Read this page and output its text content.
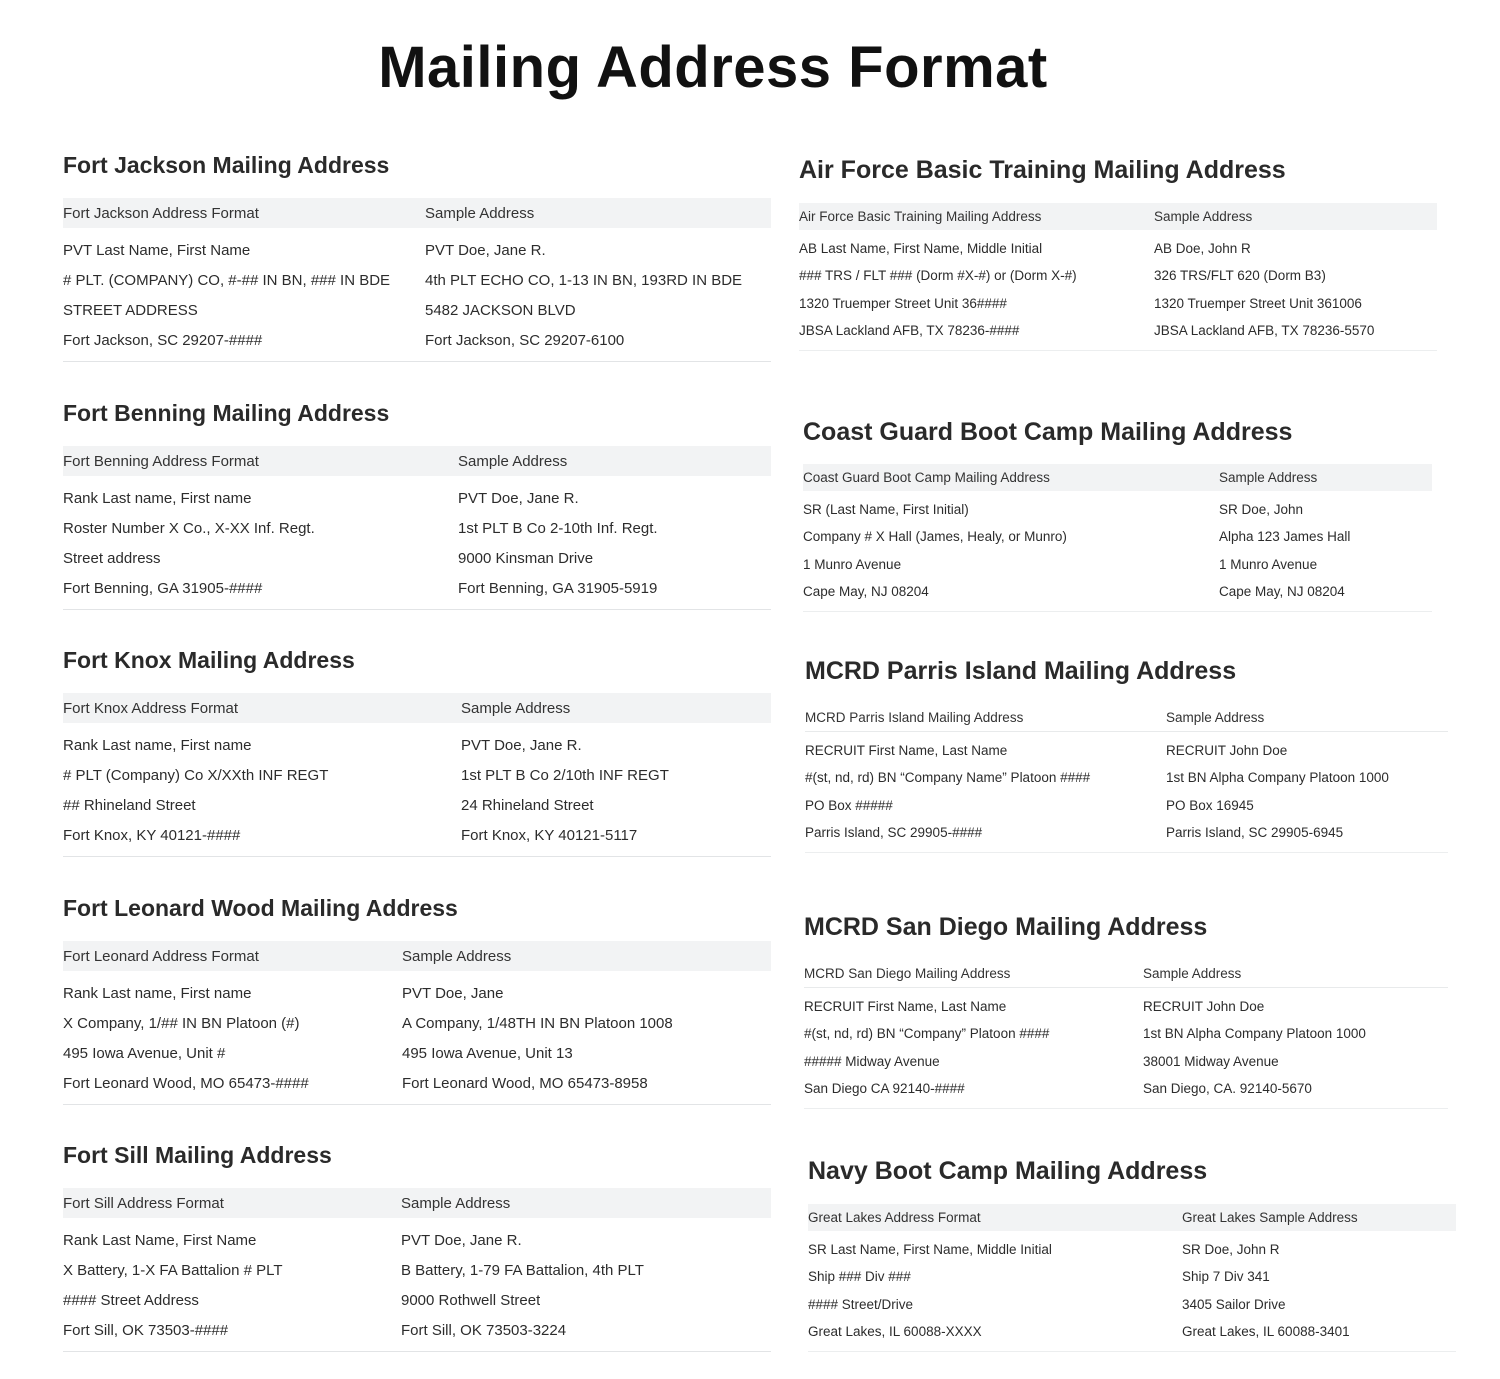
Mailing Address Format
Fort Jackson Mailing Address
Fort Jackson Address Format	Sample Address
PVT Last Name, First Name	PVT Doe, Jane R.
# PLT. (COMPANY) CO, #-## IN BN, ### IN BDE	4th PLT ECHO CO, 1-13 IN BN, 193RD IN BDE
STREET ADDRESS	5482 JACKSON BLVD
Fort Jackson, SC 29207-####	Fort Jackson, SC 29207-6100
Fort Benning Mailing Address
Fort Benning Address Format	Sample Address
Rank Last name, First name	PVT Doe, Jane R.
Roster Number X Co., X-XX Inf. Regt.	1st PLT B Co 2-10th Inf. Regt.
Street address	9000 Kinsman Drive
Fort Benning, GA 31905-####	Fort Benning, GA 31905-5919
Fort Knox Mailing Address
Fort Knox Address Format	Sample Address
Rank Last name, First name	PVT Doe, Jane R.
# PLT (Company) Co X/XXth INF REGT	1st PLT B Co 2/10th INF REGT
## Rhineland Street	24 Rhineland Street
Fort Knox, KY 40121-####	Fort Knox, KY 40121-5117
Fort Leonard Wood Mailing Address
Fort Leonard Address Format	Sample Address
Rank Last name, First name	PVT Doe, Jane
X Company, 1/## IN BN Platoon (#)	A Company, 1/48TH IN BN Platoon 1008
495 Iowa Avenue, Unit #	495 Iowa Avenue, Unit 13
Fort Leonard Wood, MO 65473-####	Fort Leonard Wood, MO 65473-8958
Fort Sill Mailing Address
Fort Sill Address Format	Sample Address
Rank Last Name, First Name	PVT Doe, Jane R.
X Battery, 1-X FA Battalion # PLT	B Battery, 1-79 FA Battalion, 4th PLT
#### Street Address	9000 Rothwell Street
Fort Sill, OK 73503-####	Fort Sill, OK 73503-3224
Air Force Basic Training Mailing Address
Air Force Basic Training Mailing Address	Sample Address
AB Last Name, First Name, Middle Initial	AB Doe, John R
### TRS / FLT ### (Dorm #X-#) or (Dorm X-#)	326 TRS/FLT 620 (Dorm B3)
1320 Truemper Street Unit 36####	1320 Truemper Street Unit 361006
JBSA Lackland AFB, TX 78236-####	JBSA Lackland AFB, TX 78236-5570
Coast Guard Boot Camp Mailing Address
Coast Guard Boot Camp Mailing Address	Sample Address
SR (Last Name, First Initial)	SR Doe, John
Company # X Hall (James, Healy, or Munro)	Alpha 123 James Hall
1 Munro Avenue	1 Munro Avenue
Cape May, NJ 08204	Cape May, NJ 08204
MCRD Parris Island Mailing Address
MCRD Parris Island Mailing Address	Sample Address
RECRUIT First Name, Last Name	RECRUIT John Doe
#(st, nd, rd) BN “Company Name” Platoon ####	1st BN Alpha Company Platoon 1000
PO Box #####	PO Box 16945
Parris Island, SC 29905-####	Parris Island, SC 29905-6945
MCRD San Diego Mailing Address
MCRD San Diego Mailing Address	Sample Address
RECRUIT First Name, Last Name	RECRUIT John Doe
#(st, nd, rd) BN “Company” Platoon ####	1st BN Alpha Company Platoon 1000
##### Midway Avenue	38001 Midway Avenue
San Diego CA 92140-####	San Diego, CA. 92140-5670
Navy Boot Camp Mailing Address
Great Lakes Address Format	Great Lakes Sample Address
SR Last Name, First Name, Middle Initial	SR Doe, John R
Ship ### Div ###	Ship 7 Div 341
#### Street/Drive	3405 Sailor Drive
Great Lakes, IL 60088-XXXX	Great Lakes, IL 60088-3401
